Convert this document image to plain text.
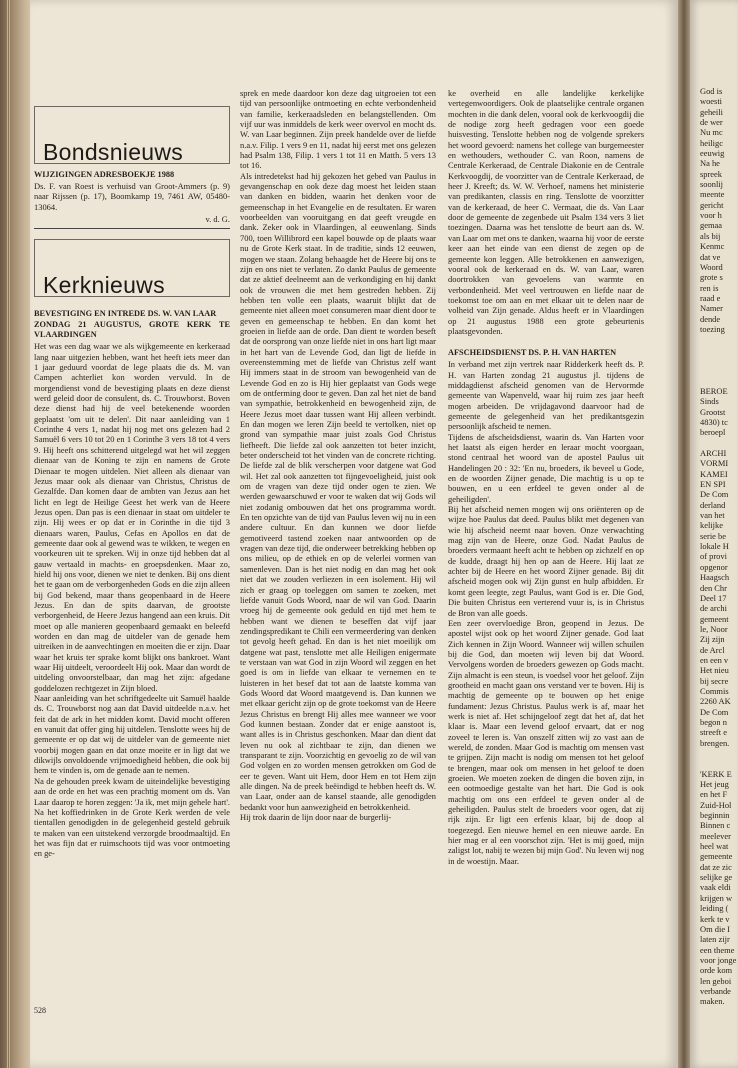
Bondsnieuws
WIJZIGINGEN ADRESBOEKJE 1988

Ds. F. van Roest is verhuisd van Groot-Ammers (p. 9) naar Rijssen (p. 17), Boomkamp 19, 7461 AW, 05480-13064.

v. d. G.
Kerknieuws
BEVESTIGING EN INTREDE DS. W. VAN LAAR
ZONDAG 21 AUGUSTUS, GROTE KERK TE VLAARDINGEN

Het was een dag waar we als wijkgemeente en kerkeraad lang naar uitgezien hebben, want het heeft iets meer dan 1 jaar geduurd voordat de lege plaats die ds. M. van Campen achterliet kon worden vervuld. In de morgendienst vond de bevestiging plaats en deze dienst werd geleid door de consulent, ds. C. Trouwborst. Boven deze dienst had hij de veel betekenende woorden geplaatst 'om uit te delen'. Dit naar aanleiding van 1 Corinthe 4 vers 1, nadat hij nog met ons gelezen had 2 Samuël 6 vers 10 tot 20 en 1 Corinthe 3 vers 18 tot 4 vers 9. Hij heeft ons schitterend uitgelegd wat het wil zeggen dienaar van de Koning te zijn en namens de Grote Dienaar te mogen uitdelen. Niet alleen als dienaar van Jezus maar ook als dienaar van Christus, Christus de Gezalfde. Dan komen daar de ambten van Jezus aan het licht en legt de Heilige Geest het werk van de Heere Jezus open. Dan pas is een dienaar in staat om uitdeler te zijn. Hij wees er op dat er in Corinthe in die tijd 3 dienaars waren, Paulus, Cefas en Apollos en dat de gemeente daar ook al gewend was te wikken, te wegen en voorkeuren uit te spreken. Wij in onze tijd hebben dat al gauw vertaald in machts- en groepsdenken. Maar zo, hield hij ons voor, dienen we niet te denken. Bij ons dient het te gaan om de verborgenheden Gods en die zijn alleen bij God bekend, maar thans geopenbaard in de Heere Jezus. En dan de spits daarvan, de grootste verborgenheid, de Heere Jezus hangend aan een kruis. Dit moet op alle manieren geopenbaard gemaakt en beleefd worden en dan mag de uitdeler van de genade hem uitreiken in de aanvechtingen en moeiten die er zijn. Daar waar het kruis ter sprake komt blijkt ons bankroet. Want waar Hij uitdeelt, veroordeelt Hij ook. Maar dan wordt de uitdeling onvoorstelbaar, dan mag het zijn: afgedane goddelozen rechtgezet in Zijn bloed.

Naar aanleiding van het schriftgedeelte uit Samuël haalde ds. C. Trouwborst nog aan dat David uitdeelde n.a.v. het feit dat de ark in het midden komt. David mocht offeren en vanuit dat offer ging hij uitdelen. Tenslotte wees hij de gemeente er op dat wij de uitdeler van de gemeente niet voorbij mogen gaan en dat onze moeite er in ligt dat we dikwijls onvoldoende vrijmoedigheid hebben, die ook bij hem te vinden is, om de genade aan te nemen.

Na de gehouden preek kwam de uiteindelijke bevestiging aan de orde en het was een prachtig moment om ds. Van Laar daarop te horen zeggen: 'Ja ik, met mijn gehele hart'. Na het koffiedrinken in de Grote Kerk werden de vele tientallen genodigden in de gelegenheid gesteld gebruik te maken van een uitstekend verzorgde broodmaaltijd. En het was fijn dat er ruimschoots tijd was voor ontmoeting en ge-

sprek en mede daardoor kon deze dag uitgroeien tot een tijd van persoonlijke ontmoeting en echte verbondenheid van familie, kerkeraadsleden en belangstellenden. Om vijf uur was inmiddels de kerk weer overvol en mocht ds. W. van Laar beginnen. Zijn preek handelde over de liefde n.a.v. Filip. 1 vers 9 en 11, nadat hij eerst met ons gelezen had Psalm 138, Filip. 1 vers 1 tot 11 en Matth. 5 vers 13 tot 16.

Als intredetekst had hij gekozen het gebed van Paulus in gevangenschap en ook deze dag moest het leiden staan van danken en bidden, waarin het denken voor de gemeenschap in het Evangelie en de resultaten. Er waren voorbeelden van vooruitgang en dat geeft vreugde en dank. Zeker ook in Vlaardingen, al eeuwenlang. Sinds 700, toen Willibrord een kapel bouwde op de plaats waar nu de Grote Kerk staat. In de traditie, sinds 12 eeuwen, mogen we staan. Zolang behaagde het de Heere bij ons te zijn en ons niet te verlaten. Zo dankt Paulus de gemeente dat ze aktief deelneemt aan de verkondiging en hij dankt ook de vrouwen die met hem gestreden hebben. Zij hebben ten volle een plaats, waaruit blijkt dat de gemeente niet alleen moet consumeren maar dient door te geven en gemeenschap te hebben. En dan komt het groeien in liefde aan de orde. Dan dient te worden beseft dat de oorsprong van onze liefde niet in ons hart ligt maar in het hart van de Levende God, dan ligt de liefde in overeenstemming met de liefde van Christus zelf want Hij immers staat in de stroom van bewogenheid van de Levende God en zo is Hij hier geplaatst van Gods wege om de ontferming door te geven. Dan zal het niet de band van sympathie, betrokkenheid en bewogenheid zijn, de Heere Jezus moet daar tussen want Hij alleen verbindt. En dan mogen we leren Zijn beeld te vertolken, niet op grond van sympathie maar juist zoals God Christus liefheeft. Die liefde zal ook aanzetten tot beter inzicht, beter onderscheid tot het vinden van de concrete richting. De liefde zal de blik verscherpen voor datgene wat God wil. Het zal ook aanzetten tot fijngevoeligheid, juist ook om de vragen van deze tijd onder ogen te zien. We werden gewaarschuwd er voor te waken dat wij Gods wil niet zodanig ombouwen dat het ons programma wordt. En ten opzichte van de tijd van Paulus leven wij nu in een andere cultuur. En dan kunnen we door liefde gemotiveerd tastend zoeken naar antwoorden op de vragen van deze tijd, die onderweer betrekking hebben op ons milieu, op de ethiek en op de velerlei vormen van samenleven. Dan is het niet nodig en dan mag het ook niet dat we zouden verliezen in een isolement. Hij wil zich er graag op toeleggen om samen te zoeken, met liefde vanuit Gods Woord, naar de wil van God. Daarin vroeg hij de gemeente ook geduld en tijd met hem te hebben want we dienen te beseffen dat vijf jaar zendingspredikant te Chili een vermeerdering van denken tot gevolg heeft gehad. En dan is het niet moeilijk om datgene wat past, tenslotte met alle Heiligen enigermate te verstaan van wat God in zijn Woord wil zeggen en het goed is om in liefde van elkaar te vernemen en te luisteren in het besef dat tot aan de laatste komma van Gods Woord dat Woord maatgevend is. Dan kunnen we met elkaar gericht zijn op de grote toekomst van de Heere Jezus Christus en brengt Hij alles mee wanneer we voor God kunnen bestaan. Zonder dat er enige aanstoot is, want alles is in Christus geschonken. Maar dan dient dat leven nu ook al zichtbaar te zijn, dan dienen we transparant te zijn. Voorzichtig en gevoelig zo de wil van God volgen en zo worden mensen getrokken om God de eer te geven. Want uit Hem, door Hem en tot Hem zijn alle dingen. Na de preek beëindigd te hebben heeft ds. W. van Laar, onder aan de kansel staande, alle genodigden bedankt voor hun aanwezigheid en betrokkenheid.

Hij trok daarin de lijn door naar de burgerlij-

ke overheid en alle landelijke kerkelijke vertegenwoordigers. Ook de plaatselijke centrale organen mochten in die dank delen, vooral ook de kerkvoogdij die de nodige zorg heeft gedragen voor een goede huisvesting. Tenslotte hebben nog de volgende sprekers het woord gevoerd: namens het college van burgemeester en wethouders, wethouder C. van Roon, namens de Centrale Kerkeraad, de Centrale Diakonie en de Centrale Kerkvoogdij, de voorzitter van de Centrale Kerkeraad, de heer J. Kreeft; ds. W. W. Verhoef, namens het ministerie van predikanten, classis en ring. Tenslotte de voorzitter van de kerkeraad, de heer C. Vermaat, die ds. Van Laar door de gemeente de zegenbede uit Psalm 134 vers 3 liet toezingen. Daarna was het tenslotte de beurt aan ds. W. van Laar om met ons te danken, waarna hij voor de eerste keer aan het einde van een dienst de zegen op de gemeente kon leggen. Alle betrokkenen en aanwezigen, vooral ook de kerkeraad en ds. W. van Laar, waren doortrokken van gevoelens van warmte en verbondenheid. Met veel vertrouwen en liefde naar de toekomst toe om aan en met elkaar uit te delen naar de volheid van Zijn genade. Aldus heeft er in Vlaardingen op 21 augustus 1988 een grote gebeurtenis plaatsgevonden.

AFSCHEIDSDIENST DS. P. H. VAN HARTEN

In verband met zijn vertrek naar Ridderkerk heeft ds. P. H. van Harten zondag 21 augustus jl. tijdens de middagdienst afscheid genomen van de Hervormde gemeente van Wapenveld, waar hij ruim zes jaar heeft mogen arbeiden. De vrijdagavond daarvoor had de gemeente de gelegenheid van het predikantsgezin persoonlijk afscheid te nemen.

Tijdens de afscheidsdienst, waarin ds. Van Harten voor het laatst als eigen herder en leraar mocht voorgaan, stond centraal het woord van de apostel Paulus uit Handelingen 20 : 32: 'En nu, broeders, ik beveel u Gode, en de woorden Zijner genade, Die machtig is u op te bouwen, en u een erfdeel te geven onder al de geheiligden'.

Bij het afscheid nemen mogen wij ons oriënteren op de wijze hoe Paulus dat deed. Paulus blikt met degenen van wie hij afscheid neemt naar boven. Onze verwachting mag zijn van de Heere, onze God. Nadat Paulus de broeders vermaant heeft acht te hebben op zichzelf en op de kudde, draagt hij hen op aan de Heere. Hij laat ze achter bij de Heere en het woord Zijner genade. Bij dit afscheid mogen ook wij Zijn gunst en hulp afbidden. Er komt geen leegte, zegt Paulus, want God is er. Die God, Die buiten Christus een verterend vuur is, is in Christus de Bron van alle goeds.

Een zeer overvloedige Bron, geopend in Jezus. De apostel wijst ook op het woord Zijner genade. God laat Zich kennen in Zijn Woord. Wanneer wij willen schuilen bij die God, dan moeten wij leven bij dat Woord. Vervolgens worden de broeders gewezen op Gods macht. Zijn almacht is een steun, is voedsel voor het geloof. Zijn grootheid en macht gaan ons verstand ver te boven. Hij is machtig de gemeente op te bouwen op het enige fundament: Jezus Christus. Paulus werk is af, maar het werk is niet af. Het schijngeloof zegt dat het af, dat het klaar is. Maar een levend geloof ervaart, dat er nog zoveel te leren is. Van onszelf zitten wij zo vast aan de wereld, de zonden. Maar God is machtig om mensen vast te grijpen. Zijn macht is nodig om mensen tot het geloof te brengen, maar ook om mensen in het geloof te doen groeien. We moeten zoeken de dingen die boven zijn, in een ootmoedige gestalte van het hart. Die God is ook machtig om ons een erfdeel te geven onder al de geheiligden. Paulus stelt de broeders voor ogen, dat zij rijk zijn. Er ligt een erfenis klaar, bij de doop al toegezegd. Een nieuwe hemel en een nieuwe aarde. En hier mag er al een voorschot zijn. 'Het is mij goed, mijn zaligst lot, nabij te wezen bij mijn God'. Nu leven wij nog in de woestijn. Maar.

528
God is
woesti
geheili
de wer
Nu mc
heiligc
eeuwig
Na he
spreek
soonlij
meente
gericht
voor h
gemaa
als bij
Kenmc
dat ve
Woord
grote s
ren is
raad e
Namer
dende
toezing
BEROE
Sinds
Grootst
4830) tc
beroepl
ARCHI
VORMI
KAMEI
EN SPI
De Com
derland
van het
kelijke
serie be
lokale H
of provi
opgenor
Haagsch
den Chr
Deel 17
de archi
gemeent
le, Noor
Zij zijn
de Arcl
en een v
Het nieu
bij secre
Commis
2260 AK
De Com
begon n
streeft e
brengen.
'KERK E
Het jeug
en het F
Zuid-Hol
beginnin
Binnen c
meelever
heel wat
gemeente
dat ze zic
selijke ge
vaak eldi
krijgen w
leiding (
kerk te v
Om die I
laten zijr
een theme
voor jonge
orde kom
len geboi
verbande
maken.
